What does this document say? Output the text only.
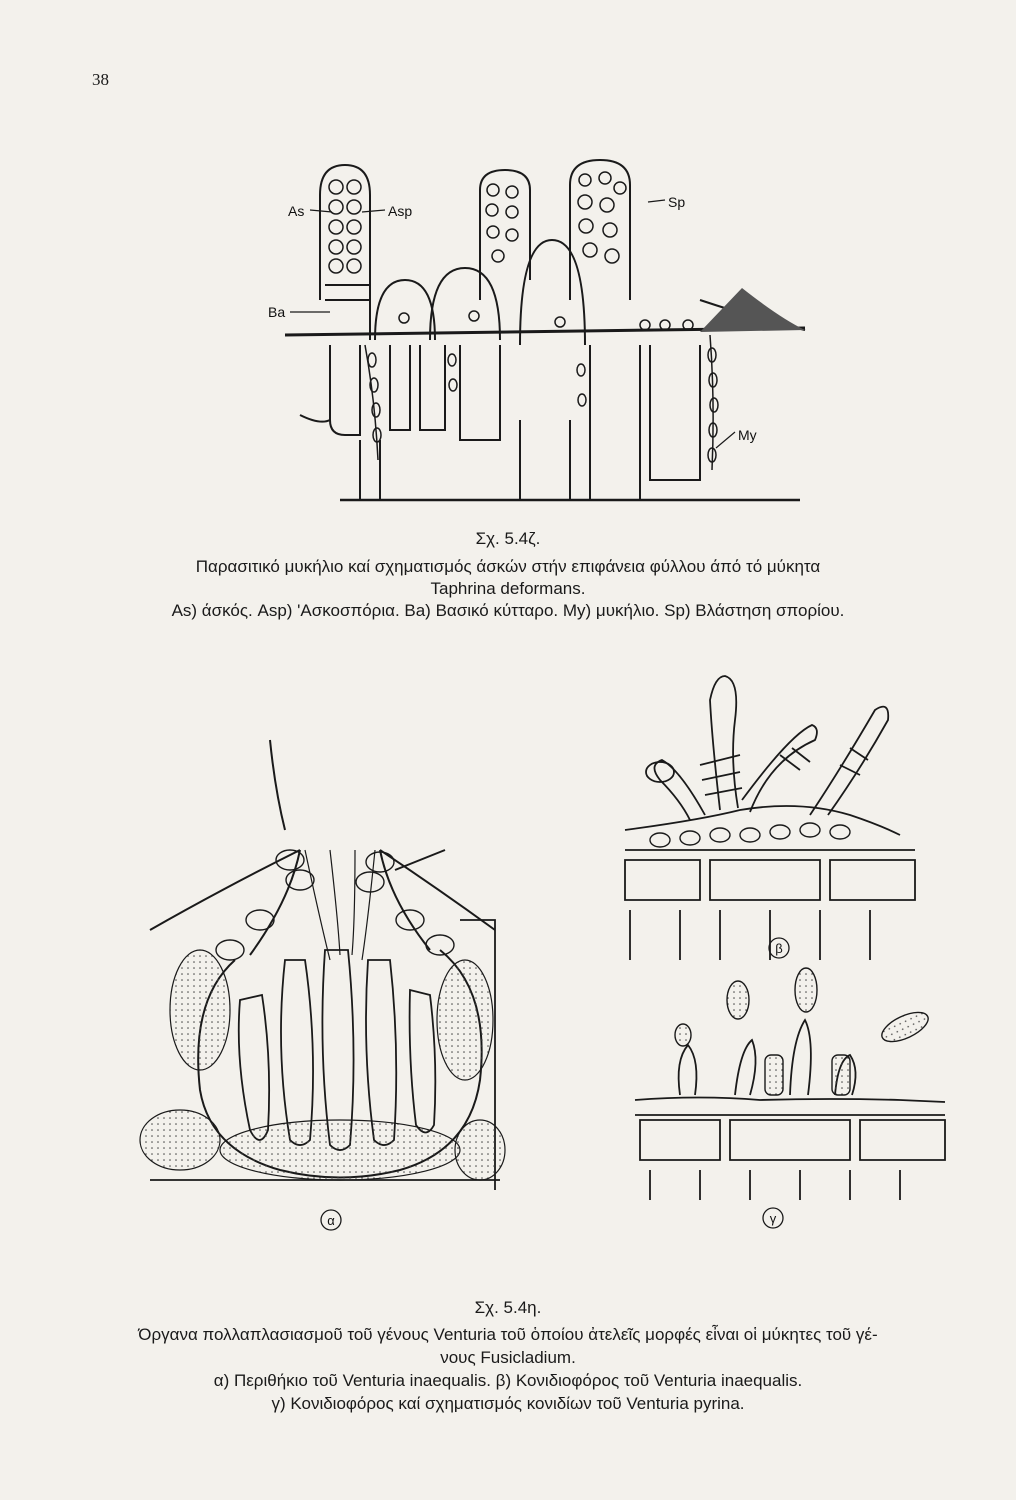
38
As	Asp
Ba
Sp
My
Σχ. 5.4ζ.
Παρασιτικό μυκήλιο καί σχηματισμός άσκών στήν επιφάνεια φύλλου άπό τό μύκητα
Taphrina deformans.
As) άσκός. Asp) 'Ασκοσπόρια. Ba) Βασικό κύτταρο. My) μυκήλιο. Sp) Βλάστηση σπορίου.
α
β
γ
Σχ. 5.4η.
Όργανα πολλαπλασιασμοῦ τοῦ γένους Venturia τοῦ ὁποίου ἀτελεῖς μορφές εἶναι οἱ μύκητες τοῦ γέ-
νους Fusicladium.
α) Περιθήκιο τοῦ Venturia inaequalis. β) Κονιδιοφόρος τοῦ Venturia inaequalis.
γ) Κονιδιοφόρος καί σχηματισμός κονιδίων τοῦ Venturia pyrina.
